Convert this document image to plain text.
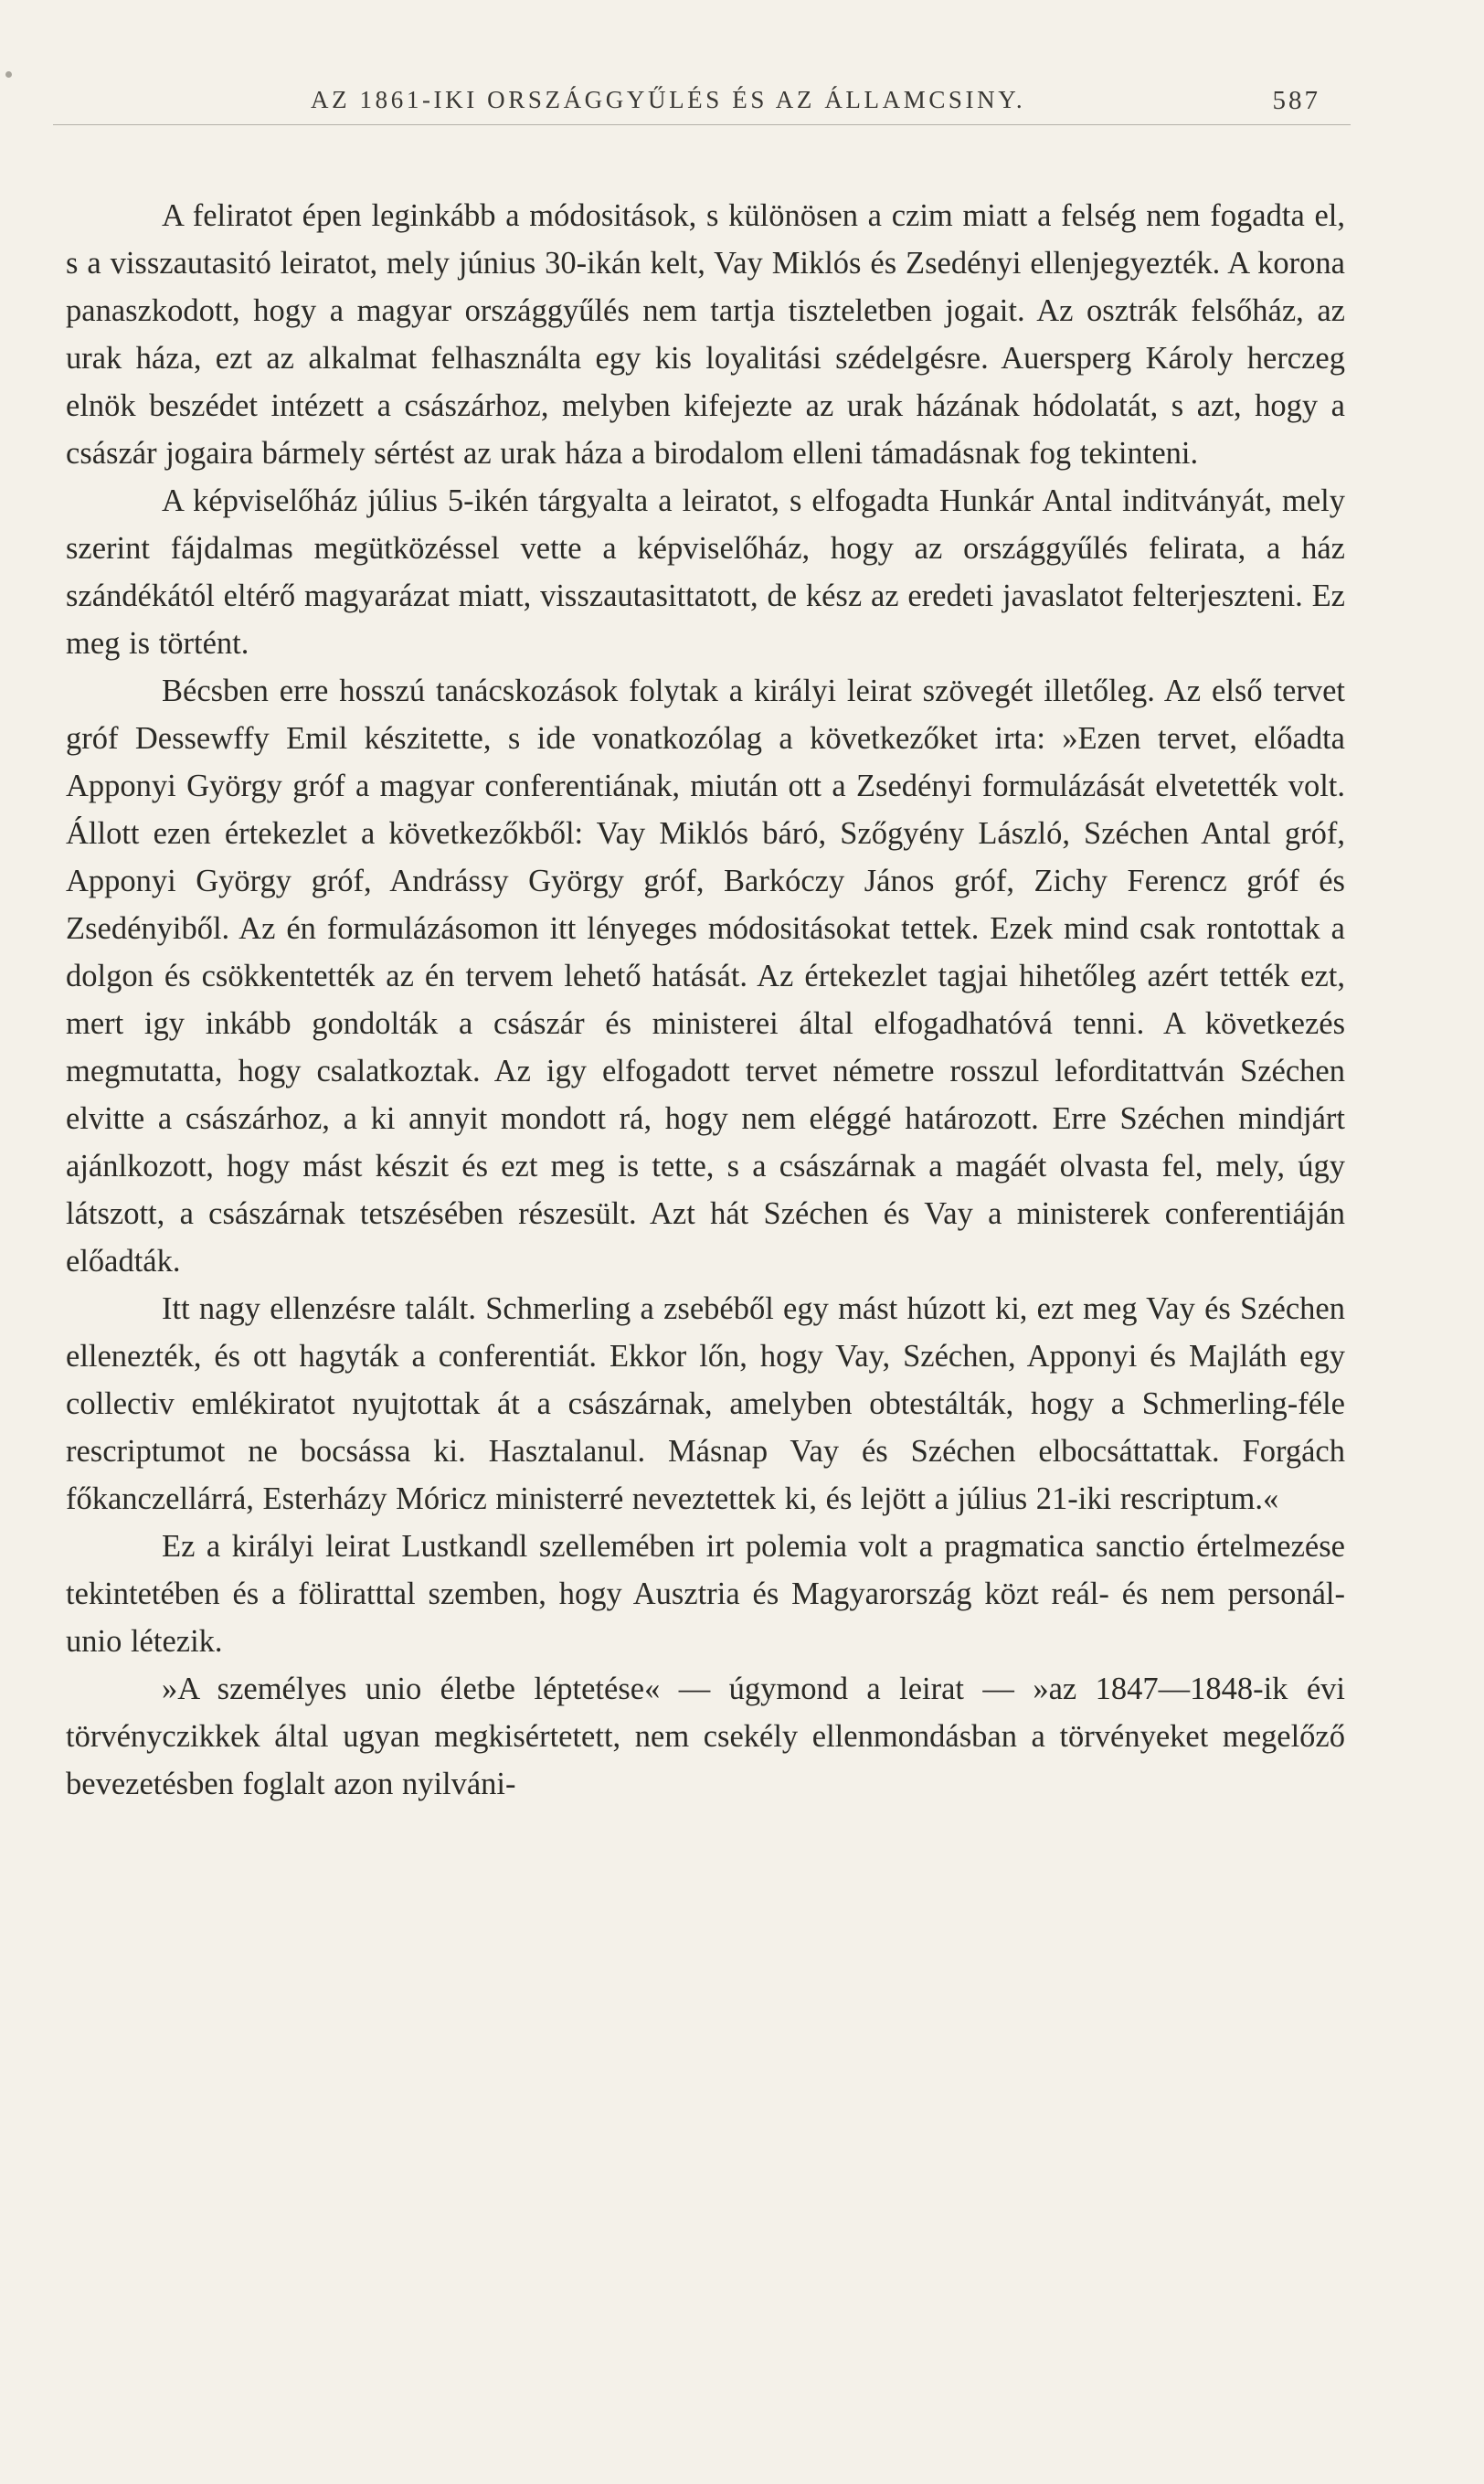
AZ 1861-IKI ORSZÁGGYŰLÉS ÉS AZ ÁLLAMCSINY.	587

A feliratot épen leginkább a módositások, s különösen a czim miatt a felség nem fogadta el, s a visszautasitó leiratot, mely június 30-ikán kelt, Vay Miklós és Zsedényi ellenjegyezték. A korona panaszkodott, hogy a magyar országgyűlés nem tartja tiszteletben jogait. Az osztrák felsőház, az urak háza, ezt az alkalmat felhasználta egy kis loyalitási szédelgésre. Auersperg Károly herczeg elnök beszédet intézett a császárhoz, melyben kifejezte az urak házának hódolatát, s azt, hogy a császár jogaira bármely sértést az urak háza a birodalom elleni támadásnak fog tekinteni.

A képviselőház július 5-ikén tárgyalta a leiratot, s elfogadta Hunkár Antal inditványát, mely szerint fájdalmas megütközéssel vette a képviselőház, hogy az országgyűlés felirata, a ház szándékától eltérő magyarázat miatt, visszautasittatott, de kész az eredeti javaslatot felterjeszteni. Ez meg is történt.

Bécsben erre hosszú tanácskozások folytak a királyi leirat szövegét illetőleg. Az első tervet gróf Dessewffy Emil készitette, s ide vonatkozólag a következőket irta: »Ezen tervet, előadta Apponyi György gróf a magyar conferentiának, miután ott a Zsedényi formulázását elvetették volt. Állott ezen értekezlet a következőkből: Vay Miklós báró, Szőgyény László, Széchen Antal gróf, Apponyi György gróf, Andrássy György gróf, Barkóczy János gróf, Zichy Ferencz gróf és Zsedényiből. Az én formulázásomon itt lényeges módositásokat tettek. Ezek mind csak rontottak a dolgon és csökkentették az én tervem lehető hatását. Az értekezlet tagjai hihetőleg azért tették ezt, mert igy inkább gondolták a császár és ministerei által elfogadhatóvá tenni. A következés megmutatta, hogy csalatkoztak. Az igy elfogadott tervet németre rosszul leforditattván Széchen elvitte a császárhoz, a ki annyit mondott rá, hogy nem eléggé határozott. Erre Széchen mindjárt ajánlkozott, hogy mást készit és ezt meg is tette, s a császárnak a magáét olvasta fel, mely, úgy látszott, a császárnak tetszésében részesült. Azt hát Széchen és Vay a ministerek conferentiáján előadták.

Itt nagy ellenzésre talált. Schmerling a zsebéből egy mást húzott ki, ezt meg Vay és Széchen ellenezték, és ott hagyták a conferentiát. Ekkor lőn, hogy Vay, Széchen, Apponyi és Majláth egy collectiv emlékiratot nyujtottak át a császárnak, amelyben obtestálták, hogy a Schmerling-féle rescriptumot ne bocsássa ki. Hasztalanul. Másnap Vay és Széchen elbocsáttattak. Forgách főkanczellárrá, Esterházy Móricz ministerré neveztettek ki, és lejött a július 21-iki rescriptum.«

Ez a királyi leirat Lustkandl szellemében irt polemia volt a pragmatica sanctio értelmezése tekintetében és a föliratttal szemben, hogy Ausztria és Magyarország közt reál- és nem personál-unio létezik.

»A személyes unio életbe léptetése« — úgymond a leirat — »az 1847—1848-ik évi törvényczikkek által ugyan megkisértetett, nem csekély ellenmondásban a törvényeket megelőző bevezetésben foglalt azon nyilváni-
